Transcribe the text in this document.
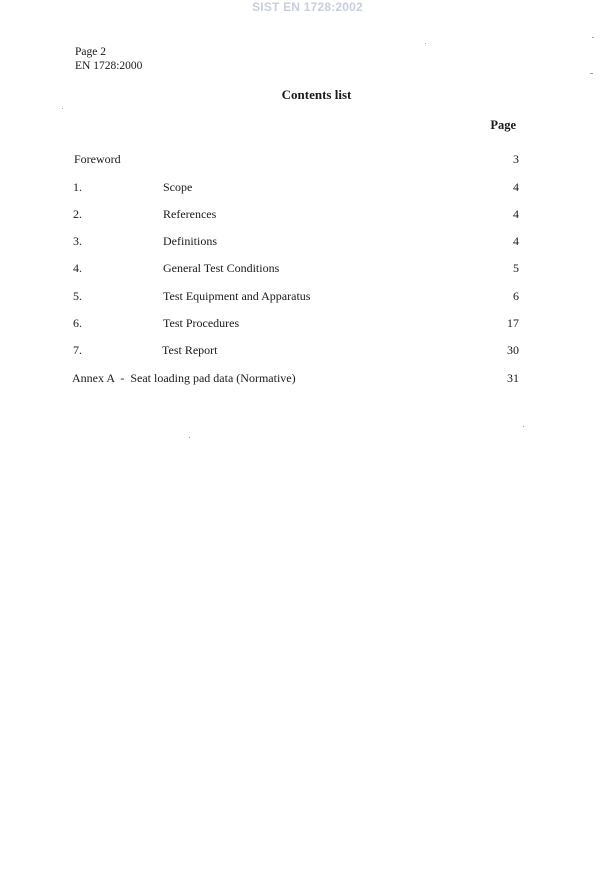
SIST EN 1728:2002
Page 2
EN 1728:2000
Contents list
Page
Foreword	3
1.	Scope	4
2.	References	4
3.	Definitions	4
4.	General Test Conditions	5
5.	Test Equipment and Apparatus	6
6.	Test Procedures	17
7.	Test Report	30
Annex A  -  Seat loading pad data (Normative)	31
